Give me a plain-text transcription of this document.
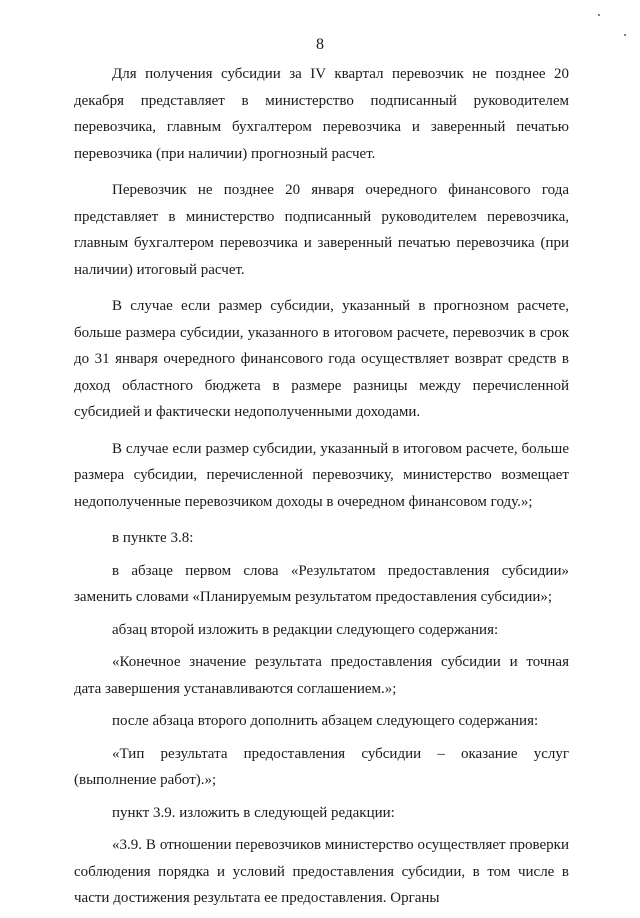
8

Для получения субсидии за IV квартал перевозчик не позднее 20 декабря представляет в министерство подписанный руководителем перевозчика, главным бухгалтером перевозчика и заверенный печатью перевозчика (при наличии) прогнозный расчет.

Перевозчик не позднее 20 января очередного финансового года представляет в министерство подписанный руководителем перевозчика, главным бухгалтером перевозчика и заверенный печатью перевозчика (при наличии) итоговый расчет.

В случае если размер субсидии, указанный в прогнозном расчете, больше размера субсидии, указанного в итоговом расчете, перевозчик в срок до 31 января очередного финансового года осуществляет возврат средств в доход областного бюджета в размере разницы между перечисленной субсидией и фактически недополученными доходами.

В случае если размер субсидии, указанный в итоговом расчете, больше размера субсидии, перечисленной перевозчику, министерство возмещает недополученные перевозчиком доходы в очередном финансовом году.»;

в пункте 3.8:

в абзаце первом слова «Результатом предоставления субсидии» заменить словами «Планируемым результатом предоставления субсидии»;

абзац второй изложить в редакции следующего содержания:

«Конечное значение результата предоставления субсидии и точная дата завершения устанавливаются соглашением.»;

после абзаца второго дополнить абзацем следующего содержания:

«Тип результата предоставления субсидии – оказание услуг (выполнение работ).»;

пункт 3.9. изложить в следующей редакции:

«3.9. В отношении перевозчиков министерство осуществляет проверки соблюдения порядка и условий предоставления субсидии, в том числе в части достижения результата ее предоставления. Органы
